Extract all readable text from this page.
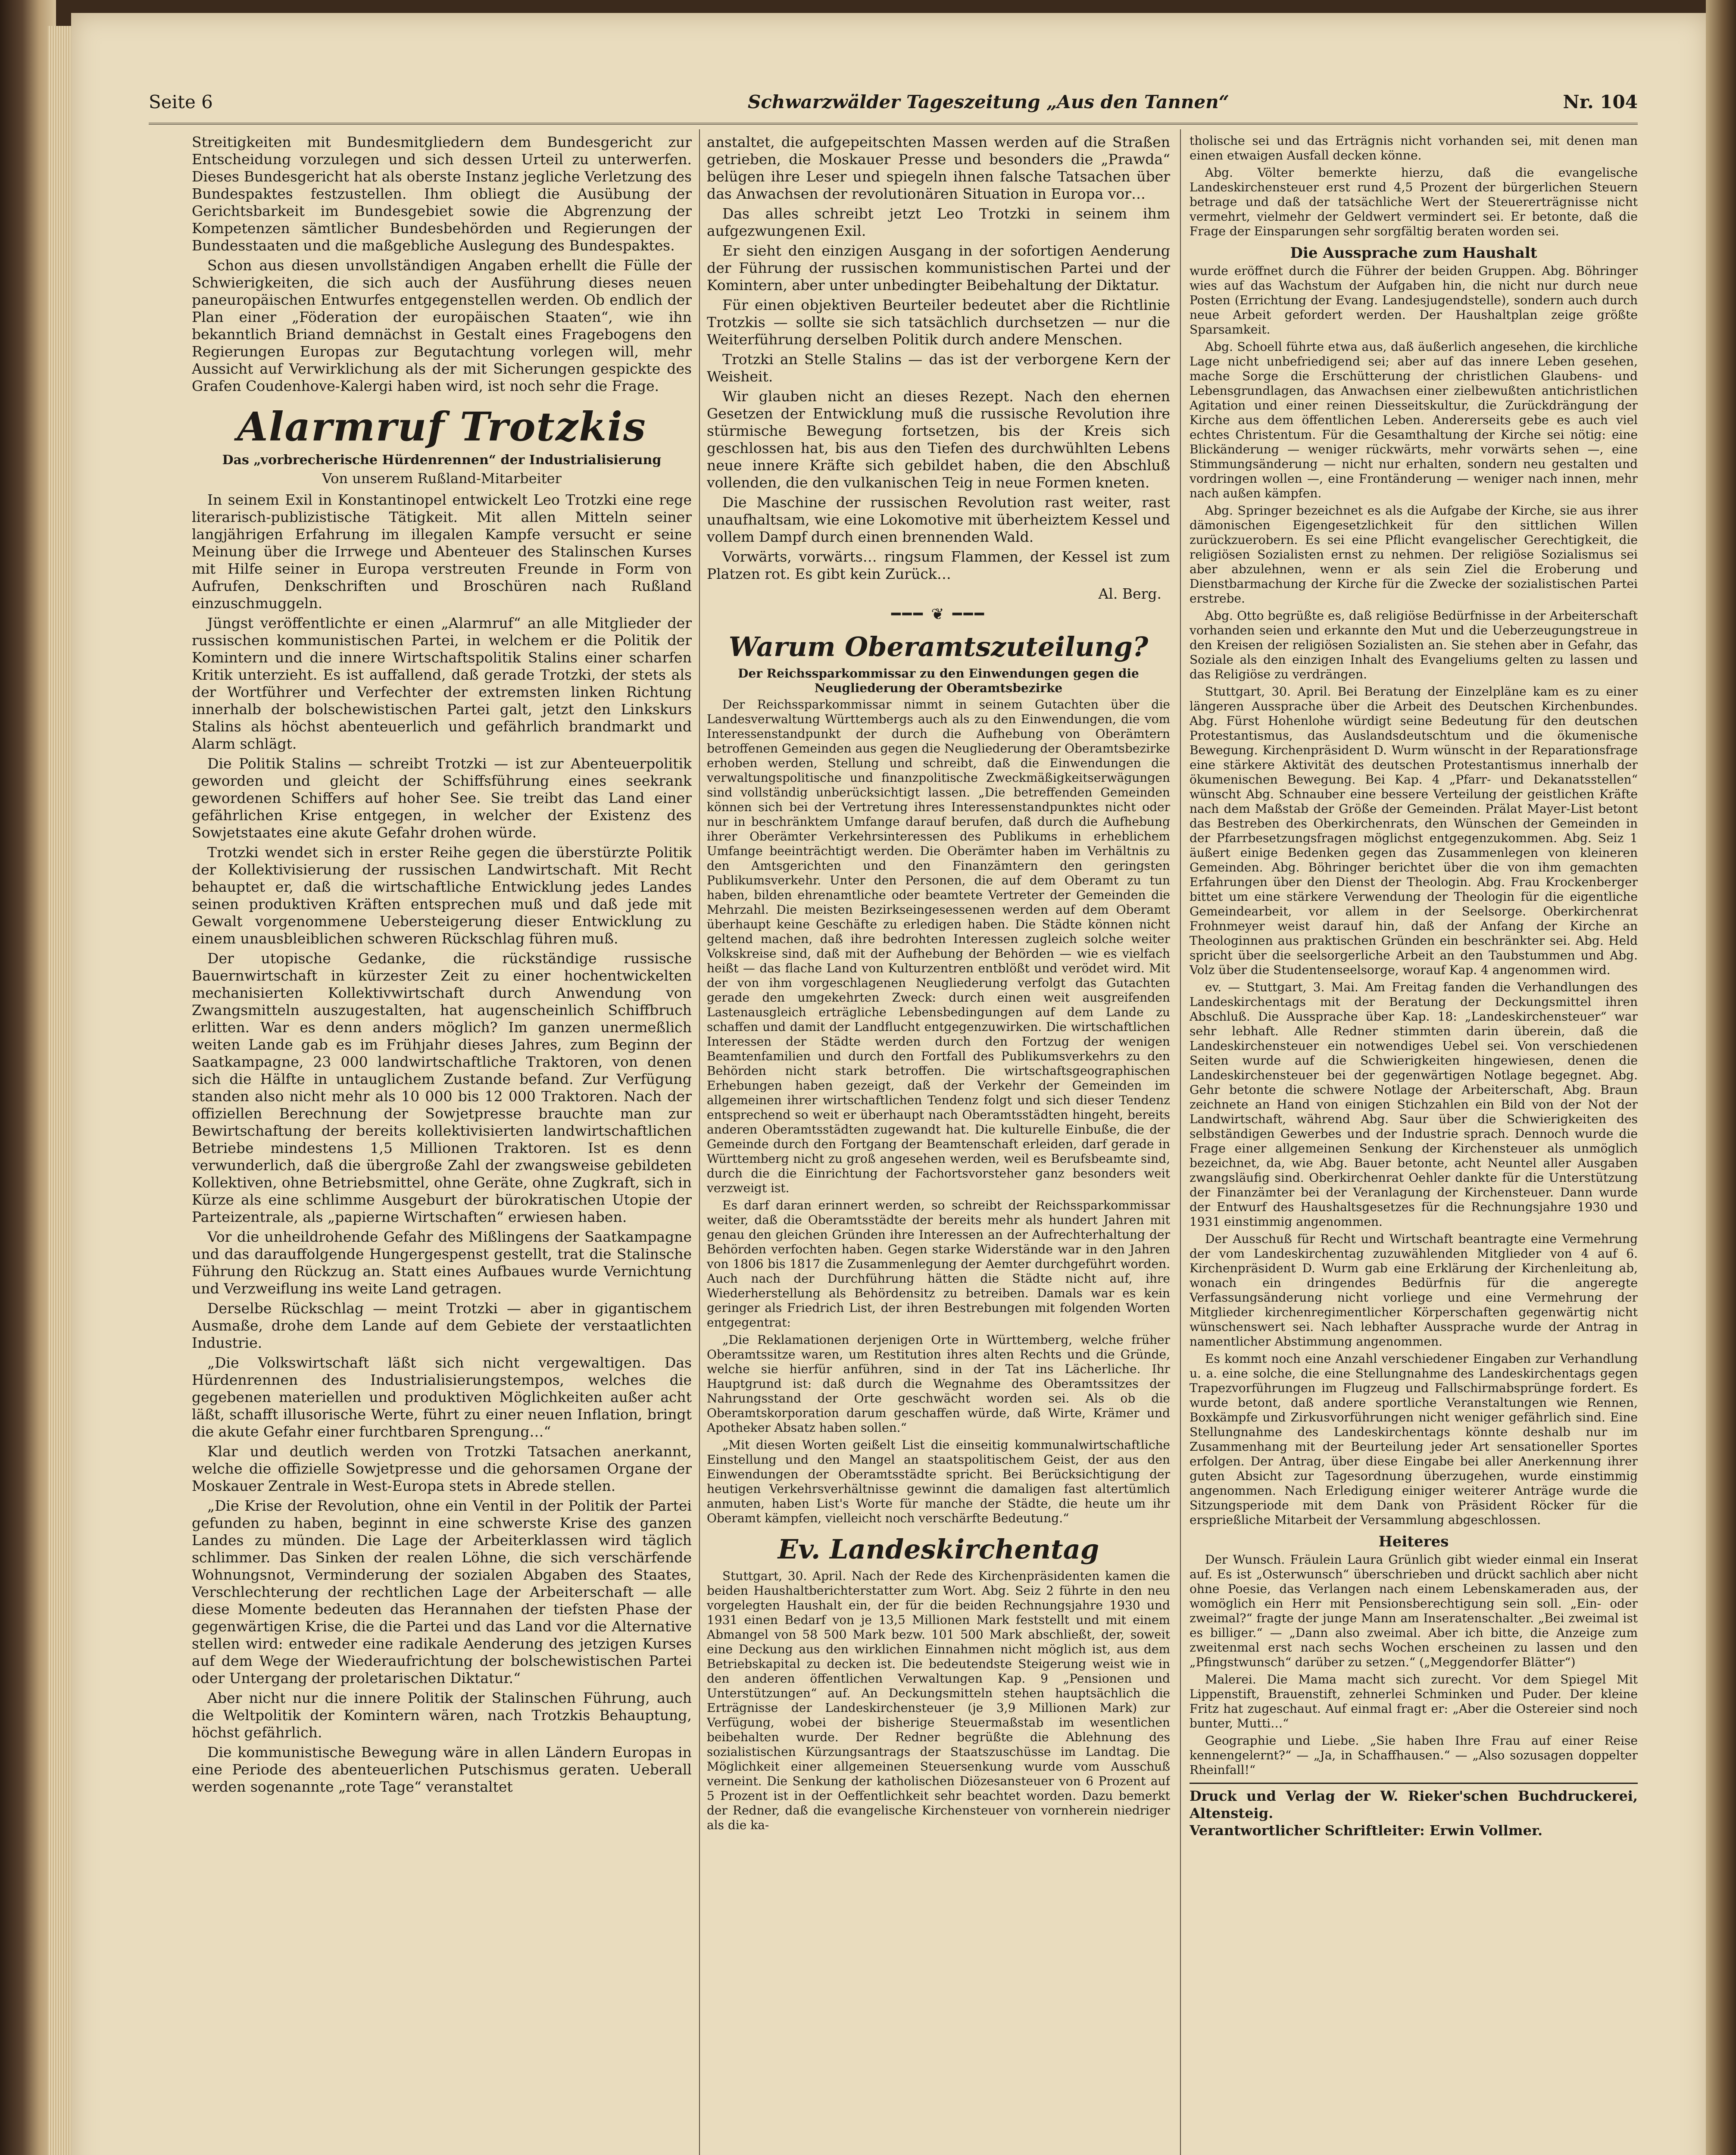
Seite 6	Schwarzwälder Tageszeitung „Aus den Tannen“	Nr. 104

Streitigkeiten mit Bundesmitgliedern dem Bundesgericht zur Entscheidung vorzulegen und sich dessen Urteil zu unterwerfen. Dieses Bundesgericht hat als oberste Instanz jegliche Verletzung des Bundespaktes festzustellen. Ihm obliegt die Ausübung der Gerichtsbarkeit im Bundesgebiet sowie die Abgrenzung der Kompetenzen sämtlicher Bundesbehörden und Regierungen der Bundesstaaten und die maßgebliche Auslegung des Bundespaktes.

Schon aus diesen unvollständigen Angaben erhellt die Fülle der Schwierigkeiten, die sich auch der Ausführung dieses neuen paneuropäischen Entwurfes entgegenstellen werden. Ob endlich der Plan einer „Föderation der europäischen Staaten“, wie ihn bekanntlich Briand demnächst in Gestalt eines Fragebogens den Regierungen Europas zur Begutachtung vorlegen will, mehr Aussicht auf Verwirklichung als der mit Sicherungen gespickte des Grafen Coudenhove-Kalergi haben wird, ist noch sehr die Frage.

Alarmruf Trotzkis
Das „vorbrecherische Hürdenrennen“ der Industrialisierung
Von unserem Rußland-Mitarbeiter

In seinem Exil in Konstantinopel entwickelt Leo Trotzki eine rege literarisch-publizistische Tätigkeit. Mit allen Mitteln seiner langjährigen Erfahrung im illegalen Kampfe versucht er seine Meinung über die Irrwege und Abenteuer des Stalinschen Kurses mit Hilfe seiner in Europa verstreuten Freunde in Form von Aufrufen, Denkschriften und Broschüren nach Rußland einzuschmuggeln.

Jüngst veröffentlichte er einen „Alarmruf“ an alle Mitglieder der russischen kommunistischen Partei, in welchem er die Politik der Komintern und die innere Wirtschaftspolitik Stalins einer scharfen Kritik unterzieht. Es ist auffallend, daß gerade Trotzki, der stets als der Wortführer und Verfechter der extremsten linken Richtung innerhalb der bolschewistischen Partei galt, jetzt den Linkskurs Stalins als höchst abenteuerlich und gefährlich brandmarkt und Alarm schlägt.

Die Politik Stalins — schreibt Trotzki — ist zur Abenteuerpolitik geworden und gleicht der Schiffsführung eines seekrank gewordenen Schiffers auf hoher See. Sie treibt das Land einer gefährlichen Krise entgegen, in welcher der Existenz des Sowjetstaates eine akute Gefahr drohen würde.

Trotzki wendet sich in erster Reihe gegen die überstürzte Politik der Kollektivisierung der russischen Landwirtschaft. Mit Recht behauptet er, daß die wirtschaftliche Entwicklung jedes Landes seinen produktiven Kräften entsprechen muß und daß jede mit Gewalt vorgenommene Uebersteigerung dieser Entwicklung zu einem unausbleiblichen schweren Rückschlag führen muß.

Der utopische Gedanke, die rückständige russische Bauernwirtschaft in kürzester Zeit zu einer hochentwickelten mechanisierten Kollektivwirtschaft durch Anwendung von Zwangsmitteln auszugestalten, hat augenscheinlich Schiffbruch erlitten. War es denn anders möglich? Im ganzen unermeßlich weiten Lande gab es im Frühjahr dieses Jahres, zum Beginn der Saatkampagne, 23 000 landwirtschaftliche Traktoren, von denen sich die Hälfte in untauglichem Zustande befand. Zur Verfügung standen also nicht mehr als 10 000 bis 12 000 Traktoren. Nach der offiziellen Berechnung der Sowjetpresse brauchte man zur Bewirtschaftung der bereits kollektivisierten landwirtschaftlichen Betriebe mindestens 1,5 Millionen Traktoren. Ist es denn verwunderlich, daß die übergroße Zahl der zwangsweise gebildeten Kollektiven, ohne Betriebsmittel, ohne Geräte, ohne Zugkraft, sich in Kürze als eine schlimme Ausgeburt der bürokratischen Utopie der Parteizentrale, als „papierne Wirtschaften“ erwiesen haben.

Vor die unheildrohende Gefahr des Mißlingens der Saatkampagne und das darauffolgende Hungergespenst gestellt, trat die Stalinsche Führung den Rückzug an. Statt eines Aufbaues wurde Vernichtung und Verzweiflung ins weite Land getragen.

Derselbe Rückschlag — meint Trotzki — aber in gigantischem Ausmaße, drohe dem Lande auf dem Gebiete der verstaatlichten Industrie.

„Die Volkswirtschaft läßt sich nicht vergewaltigen. Das Hürdenrennen des Industrialisierungstempos, welches die gegebenen materiellen und produktiven Möglichkeiten außer acht läßt, schafft illusorische Werte, führt zu einer neuen Inflation, bringt die akute Gefahr einer furchtbaren Sprengung…“

Klar und deutlich werden von Trotzki Tatsachen anerkannt, welche die offizielle Sowjetpresse und die gehorsamen Organe der Moskauer Zentrale in West-Europa stets in Abrede stellen.

„Die Krise der Revolution, ohne ein Ventil in der Politik der Partei gefunden zu haben, beginnt in eine schwerste Krise des ganzen Landes zu münden. Die Lage der Arbeiterklassen wird täglich schlimmer. Das Sinken der realen Löhne, die sich verschärfende Wohnungsnot, Verminderung der sozialen Abgaben des Staates, Verschlechterung der rechtlichen Lage der Arbeiterschaft — alle diese Momente bedeuten das Herannahen der tiefsten Phase der gegenwärtigen Krise, die die Partei und das Land vor die Alternative stellen wird: entweder eine radikale Aenderung des jetzigen Kurses auf dem Wege der Wiederaufrichtung der bolschewistischen Partei oder Untergang der proletarischen Diktatur.“

Aber nicht nur die innere Politik der Stalinschen Führung, auch die Weltpolitik der Komintern wären, nach Trotzkis Behauptung, höchst gefährlich.

Die kommunistische Bewegung wäre in allen Ländern Europas in eine Periode des abenteuerlichen Putschismus geraten. Ueberall werden sogenannte „rote Tage“ veranstaltet

anstaltet, die aufgepeitschten Massen werden auf die Straßen getrieben, die Moskauer Presse und besonders die „Prawda“ belügen ihre Leser und spiegeln ihnen falsche Tatsachen über das Anwachsen der revolutionären Situation in Europa vor…

Das alles schreibt jetzt Leo Trotzki in seinem ihm aufgezwungenen Exil.

Er sieht den einzigen Ausgang in der sofortigen Aenderung der Führung der russischen kommunistischen Partei und der Komintern, aber unter unbedingter Beibehaltung der Diktatur.

Für einen objektiven Beurteiler bedeutet aber die Richtlinie Trotzkis — sollte sie sich tatsächlich durchsetzen — nur die Weiterführung derselben Politik durch andere Menschen.

Trotzki an Stelle Stalins — das ist der verborgene Kern der Weisheit.

Wir glauben nicht an dieses Rezept. Nach den ehernen Gesetzen der Entwicklung muß die russische Revolution ihre stürmische Bewegung fortsetzen, bis der Kreis sich geschlossen hat, bis aus den Tiefen des durchwühlten Lebens neue innere Kräfte sich gebildet haben, die den Abschluß vollenden, die den vulkanischen Teig in neue Formen kneten.

Die Maschine der russischen Revolution rast weiter, rast unaufhaltsam, wie eine Lokomotive mit überheiztem Kessel und vollem Dampf durch einen brennenden Wald.

Vorwärts, vorwärts… ringsum Flammen, der Kessel ist zum Platzen rot. Es gibt kein Zurück…

Al. Berg.
━━━ ❦ ━━━
Warum Oberamtszuteilung?
Der Reichssparkommissar zu den Einwendungen gegen die Neugliederung der Oberamtsbezirke

Der Reichssparkommissar nimmt in seinem Gutachten über die Landesverwaltung Württembergs auch als zu den Einwendungen, die vom Interessenstandpunkt der durch die Aufhebung von Oberämtern betroffenen Gemeinden aus gegen die Neugliederung der Oberamtsbezirke erhoben werden, Stellung und schreibt, daß die Einwendungen die verwaltungspolitische und finanzpolitische Zweckmäßigkeitserwägungen sind vollständig unberücksichtigt lassen. „Die betreffenden Gemeinden können sich bei der Vertretung ihres Interessenstandpunktes nicht oder nur in beschränktem Umfange darauf berufen, daß durch die Aufhebung ihrer Oberämter Verkehrsinteressen des Publikums in erheblichem Umfange beeinträchtigt werden. Die Oberämter haben im Verhältnis zu den Amtsgerichten und den Finanzämtern den geringsten Publikumsverkehr. Unter den Personen, die auf dem Oberamt zu tun haben, bilden ehrenamtliche oder beamtete Vertreter der Gemeinden die Mehrzahl. Die meisten Bezirkseingesessenen werden auf dem Oberamt überhaupt keine Geschäfte zu erledigen haben. Die Städte können nicht geltend machen, daß ihre bedrohten Interessen zugleich solche weiter Volkskreise sind, daß mit der Aufhebung der Behörden — wie es vielfach heißt — das flache Land von Kulturzentren entblößt und verödet wird. Mit der von ihm vorgeschlagenen Neugliederung verfolgt das Gutachten gerade den umgekehrten Zweck: durch einen weit ausgreifenden Lastenausgleich erträgliche Lebensbedingungen auf dem Lande zu schaffen und damit der Landflucht entgegenzuwirken. Die wirtschaftlichen Interessen der Städte werden durch den Fortzug der wenigen Beamtenfamilien und durch den Fortfall des Publikumsverkehrs zu den Behörden nicht stark betroffen. Die wirtschaftsgeographischen Erhebungen haben gezeigt, daß der Verkehr der Gemeinden im allgemeinen ihrer wirtschaftlichen Tendenz folgt und sich dieser Tendenz entsprechend so weit er überhaupt nach Oberamtsstädten hingeht, bereits anderen Oberamtsstädten zugewandt hat. Die kulturelle Einbuße, die der Gemeinde durch den Fortgang der Beamtenschaft erleiden, darf gerade in Württemberg nicht zu groß angesehen werden, weil es Berufsbeamte sind, durch die die Einrichtung der Fachortsvorsteher ganz besonders weit verzweigt ist.

Es darf daran erinnert werden, so schreibt der Reichssparkommissar weiter, daß die Oberamtsstädte der bereits mehr als hundert Jahren mit genau den gleichen Gründen ihre Interessen an der Aufrechterhaltung der Behörden verfochten haben. Gegen starke Widerstände war in den Jahren von 1806 bis 1817 die Zusammenlegung der Aemter durchgeführt worden. Auch nach der Durchführung hätten die Städte nicht auf, ihre Wiederherstellung als Behördensitz zu betreiben. Damals war es kein geringer als Friedrich List, der ihren Bestrebungen mit folgenden Worten entgegentrat:

„Die Reklamationen derjenigen Orte in Württemberg, welche früher Oberamtssitze waren, um Restitution ihres alten Rechts und die Gründe, welche sie hierfür anführen, sind in der Tat ins Lächerliche. Ihr Hauptgrund ist: daß durch die Wegnahme des Oberamtssitzes der Nahrungsstand der Orte geschwächt worden sei. Als ob die Oberamtskorporation darum geschaffen würde, daß Wirte, Krämer und Apotheker Absatz haben sollen.“

„Mit diesen Worten geißelt List die einseitig kommunalwirtschaftliche Einstellung und den Mangel an staatspolitischem Geist, der aus den Einwendungen der Oberamtsstädte spricht. Bei Berücksichtigung der heutigen Verkehrsverhältnisse gewinnt die damaligen fast altertümlich anmuten, haben List's Worte für manche der Städte, die heute um ihr Oberamt kämpfen, vielleicht noch verschärfte Bedeutung.“

Ev. Landeskirchentag

Stuttgart, 30. April. Nach der Rede des Kirchenpräsidenten kamen die beiden Haushaltberichterstatter zum Wort. Abg. Seiz 2 führte in den neu vorgelegten Haushalt ein, der für die beiden Rechnungsjahre 1930 und 1931 einen Bedarf von je 13,5 Millionen Mark feststellt und mit einem Abmangel von 58 500 Mark bezw. 101 500 Mark abschließt, der, soweit eine Deckung aus den wirklichen Einnahmen nicht möglich ist, aus dem Betriebskapital zu decken ist. Die bedeutendste Steigerung weist wie in den anderen öffentlichen Verwaltungen Kap. 9 „Pensionen und Unterstützungen“ auf. An Deckungsmitteln stehen hauptsächlich die Erträgnisse der Landeskirchensteuer (je 3,9 Millionen Mark) zur Verfügung, wobei der bisherige Steuermaßstab im wesentlichen beibehalten wurde. Der Redner begrüßte die Ablehnung des sozialistischen Kürzungsantrags der Staatszuschüsse im Landtag. Die Möglichkeit einer allgemeinen Steuersenkung wurde vom Ausschuß verneint. Die Senkung der katholischen Diözesansteuer von 6 Prozent auf 5 Prozent ist in der Oeffentlichkeit sehr beachtet worden. Dazu bemerkt der Redner, daß die evangelische Kirchensteuer von vornherein niedriger als die ka-

tholische sei und das Erträgnis nicht vorhanden sei, mit denen man einen etwaigen Ausfall decken könne.

Abg. Völter bemerkte hierzu, daß die evangelische Landeskirchensteuer erst rund 4,5 Prozent der bürgerlichen Steuern betrage und daß der tatsächliche Wert der Steuererträgnisse nicht vermehrt, vielmehr der Geldwert vermindert sei. Er betonte, daß die Frage der Einsparungen sehr sorgfältig beraten worden sei.

Die Aussprache zum Haushalt

wurde eröffnet durch die Führer der beiden Gruppen. Abg. Böhringer wies auf das Wachstum der Aufgaben hin, die nicht nur durch neue Posten (Errichtung der Evang. Landesjugendstelle), sondern auch durch neue Arbeit gefordert werden. Der Haushaltplan zeige größte Sparsamkeit.

Abg. Schoell führte etwa aus, daß äußerlich angesehen, die kirchliche Lage nicht unbefriedigend sei; aber auf das innere Leben gesehen, mache Sorge die Erschütterung der christlichen Glaubens- und Lebensgrundlagen, das Anwachsen einer zielbewußten antichristlichen Agitation und einer reinen Diesseitskultur, die Zurückdrängung der Kirche aus dem öffentlichen Leben. Andererseits gebe es auch viel echtes Christentum. Für die Gesamthaltung der Kirche sei nötig: eine Blickänderung — weniger rückwärts, mehr vorwärts sehen —, eine Stimmungsänderung — nicht nur erhalten, sondern neu gestalten und vordringen wollen —, eine Frontänderung — weniger nach innen, mehr nach außen kämpfen.

Abg. Springer bezeichnet es als die Aufgabe der Kirche, sie aus ihrer dämonischen Eigengesetzlichkeit für den sittlichen Willen zurückzuerobern. Es sei eine Pflicht evangelischer Gerechtigkeit, die religiösen Sozialisten ernst zu nehmen. Der religiöse Sozialismus sei aber abzulehnen, wenn er als sein Ziel die Eroberung und Dienstbarmachung der Kirche für die Zwecke der sozialistischen Partei erstrebe.

Abg. Otto begrüßte es, daß religiöse Bedürfnisse in der Arbeiterschaft vorhanden seien und erkannte den Mut und die Ueberzeugungstreue in den Kreisen der religiösen Sozialisten an. Sie stehen aber in Gefahr, das Soziale als den einzigen Inhalt des Evangeliums gelten zu lassen und das Religiöse zu verdrängen.

Stuttgart, 30. April. Bei Beratung der Einzelpläne kam es zu einer längeren Aussprache über die Arbeit des Deutschen Kirchenbundes. Abg. Fürst Hohenlohe würdigt seine Bedeutung für den deutschen Protestantismus, das Auslandsdeutschtum und die ökumenische Bewegung. Kirchenpräsident D. Wurm wünscht in der Reparationsfrage eine stärkere Aktivität des deutschen Protestantismus innerhalb der ökumenischen Bewegung. Bei Kap. 4 „Pfarr- und Dekanatsstellen“ wünscht Abg. Schnauber eine bessere Verteilung der geistlichen Kräfte nach dem Maßstab der Größe der Gemeinden. Prälat Mayer-List betont das Bestreben des Oberkirchenrats, den Wünschen der Gemeinden in der Pfarrbesetzungsfragen möglichst entgegenzukommen. Abg. Seiz 1 äußert einige Bedenken gegen das Zusammenlegen von kleineren Gemeinden. Abg. Böhringer berichtet über die von ihm gemachten Erfahrungen über den Dienst der Theologin. Abg. Frau Krockenberger bittet um eine stärkere Verwendung der Theologin für die eigentliche Gemeindearbeit, vor allem in der Seelsorge. Oberkirchenrat Frohnmeyer weist darauf hin, daß der Anfang der Kirche an Theologinnen aus praktischen Gründen ein beschränkter sei. Abg. Held spricht über die seelsorgerliche Arbeit an den Taubstummen und Abg. Volz über die Studentenseelsorge, worauf Kap. 4 angenommen wird.

ev. — Stuttgart, 3. Mai. Am Freitag fanden die Verhandlungen des Landeskirchentags mit der Beratung der Deckungsmittel ihren Abschluß. Die Aussprache über Kap. 18: „Landeskirchensteuer“ war sehr lebhaft. Alle Redner stimmten darin überein, daß die Landeskirchensteuer ein notwendiges Uebel sei. Von verschiedenen Seiten wurde auf die Schwierigkeiten hingewiesen, denen die Landeskirchensteuer bei der gegenwärtigen Notlage begegnet. Abg. Gehr betonte die schwere Notlage der Arbeiterschaft, Abg. Braun zeichnete an Hand von einigen Stichzahlen ein Bild von der Not der Landwirtschaft, während Abg. Saur über die Schwierigkeiten des selbständigen Gewerbes und der Industrie sprach. Dennoch wurde die Frage einer allgemeinen Senkung der Kirchensteuer als unmöglich bezeichnet, da, wie Abg. Bauer betonte, acht Neuntel aller Ausgaben zwangsläufig sind. Oberkirchenrat Oehler dankte für die Unterstützung der Finanzämter bei der Veranlagung der Kirchensteuer. Dann wurde der Entwurf des Haushaltsgesetzes für die Rechnungsjahre 1930 und 1931 einstimmig angenommen.

Der Ausschuß für Recht und Wirtschaft beantragte eine Vermehrung der vom Landeskirchentag zuzuwählenden Mitglieder von 4 auf 6. Kirchenpräsident D. Wurm gab eine Erklärung der Kirchenleitung ab, wonach ein dringendes Bedürfnis für die angeregte Verfassungsänderung nicht vorliege und eine Vermehrung der Mitglieder kirchenregimentlicher Körperschaften gegenwärtig nicht wünschenswert sei. Nach lebhafter Aussprache wurde der Antrag in namentlicher Abstimmung angenommen.

Es kommt noch eine Anzahl verschiedener Eingaben zur Verhandlung u. a. eine solche, die eine Stellungnahme des Landeskirchentags gegen Trapezvorführungen im Flugzeug und Fallschirmabsprünge fordert. Es wurde betont, daß andere sportliche Veranstaltungen wie Rennen, Boxkämpfe und Zirkusvorführungen nicht weniger gefährlich sind. Eine Stellungnahme des Landeskirchentags könnte deshalb nur im Zusammenhang mit der Beurteilung jeder Art sensationeller Sportes erfolgen. Der Antrag, über diese Eingabe bei aller Anerkennung ihrer guten Absicht zur Tagesordnung überzugehen, wurde einstimmig angenommen. Nach Erledigung einiger weiterer Anträge wurde die Sitzungsperiode mit dem Dank von Präsident Röcker für die ersprießliche Mitarbeit der Versammlung abgeschlossen.

Heiteres

Der Wunsch. Fräulein Laura Grünlich gibt wieder einmal ein Inserat auf. Es ist „Osterwunsch“ überschrieben und drückt sachlich aber nicht ohne Poesie, das Verlangen nach einem Lebenskameraden aus, der womöglich ein Herr mit Pensionsberechtigung sein soll. „Ein- oder zweimal?“ fragte der junge Mann am Inseratenschalter. „Bei zweimal ist es billiger.“ — „Dann also zweimal. Aber ich bitte, die Anzeige zum zweitenmal erst nach sechs Wochen erscheinen zu lassen und den „Pfingstwunsch“ darüber zu setzen.“ („Meggendorfer Blätter“)

Malerei. Die Mama macht sich zurecht. Vor dem Spiegel Mit Lippenstift, Brauenstift, zehnerlei Schminken und Puder. Der kleine Fritz hat zugeschaut. Auf einmal fragt er: „Aber die Ostereier sind noch bunter, Mutti…“

Geographie und Liebe. „Sie haben Ihre Frau auf einer Reise kennengelernt?“ — „Ja, in Schaffhausen.“ — „Also sozusagen doppelter Rheinfall!“

Druck und Verlag der W. Rieker'schen Buchdruckerei, Altensteig.
Verantwortlicher Schriftleiter: Erwin Vollmer.
